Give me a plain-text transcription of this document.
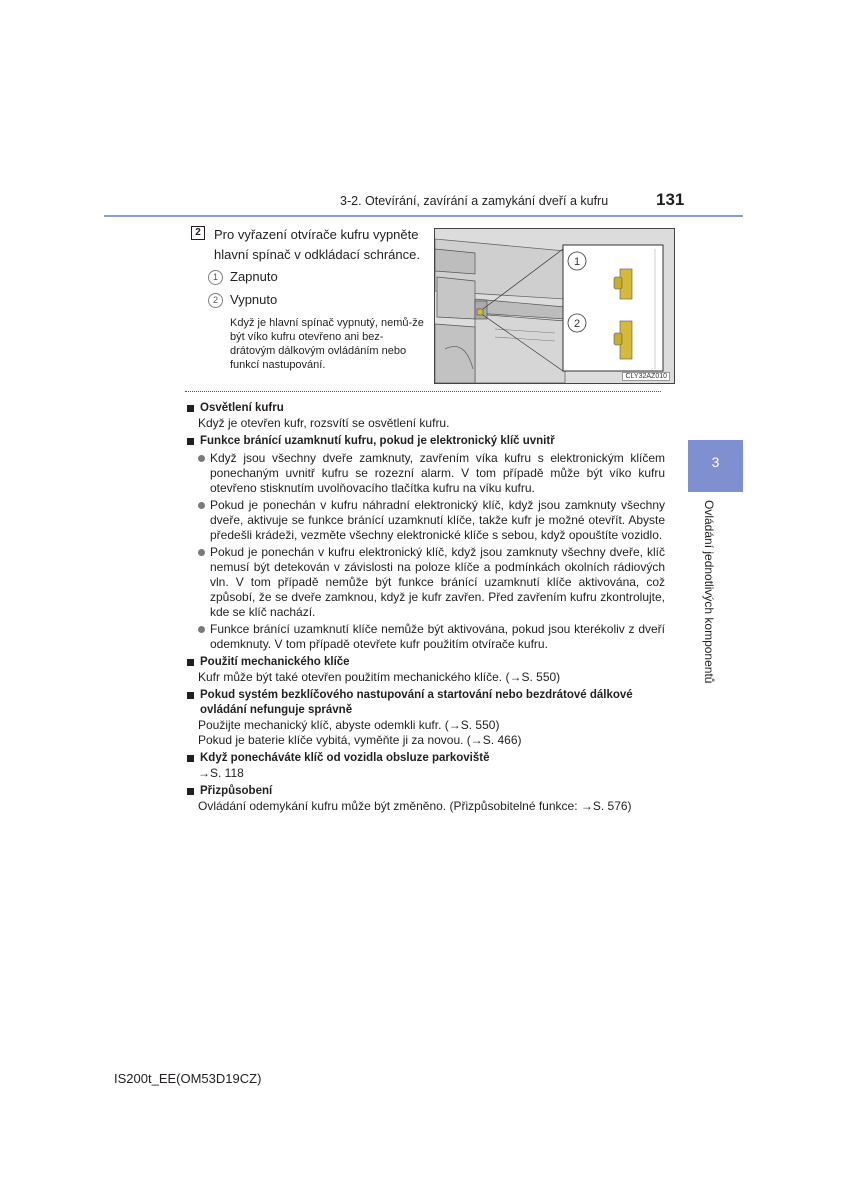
3-2. Otevírání, zavírání a zamykání dveří a kufru	131
2	Pro vyřazení otvírače kufru vypněte hlavní spínač v odkládací schránce.
1 Zapnuto
2 Vypnuto
Když je hlavní spínač vypnutý, nemů-že být víko kufru otevřeno ani bez-drátovým dálkovým ovládáním nebo funkcí nastupování.
1
2
CLY32AZ010
Osvětlení kufru
Když je otevřen kufr, rozsvítí se osvětlení kufru.
Funkce bránící uzamknutí kufru, pokud je elektronický klíč uvnitř
Když jsou všechny dveře zamknuty, zavřením víka kufru s elektronickým klíčem ponechaným uvnitř kufru se rozezní alarm. V tom případě může být víko kufru otevřeno stisknutím uvolňovacího tlačítka kufru na víku kufru.
Pokud je ponechán v kufru náhradní elektronický klíč, když jsou zamknuty všechny dveře, aktivuje se funkce bránící uzamknutí klíče, takže kufr je možné otevřít. Abyste předešli krádeži, vezměte všechny elektronické klíče s sebou, když opouštíte vozidlo.
Pokud je ponechán v kufru elektronický klíč, když jsou zamknuty všechny dveře, klíč nemusí být detekován v závislosti na poloze klíče a podmínkách okolních rádiových vln. V tom případě nemůže být funkce bránící uzamknutí klíče aktivována, což způsobí, že se dveře zamknou, když je kufr zavřen. Před zavřením kufru zkontrolujte, kde se klíč nachází.
Funkce bránící uzamknutí klíče nemůže být aktivována, pokud jsou kterékoliv z dveří odemknuty. V tom případě otevřete kufr použitím otvírače kufru.
Použití mechanického klíče
Kufr může být také otevřen použitím mechanického klíče. (→S. 550)
Pokud systém bezklíčového nastupování a startování nebo bezdrátové dálkové ovládání nefunguje správně
Použijte mechanický klíč, abyste odemkli kufr. (→S. 550)
Pokud je baterie klíče vybitá, vyměňte ji za novou. (→S. 466)
Když ponecháváte klíč od vozidla obsluze parkoviště
→S. 118
Přizpůsobení
Ovládání odemykání kufru může být změněno. (Přizpůsobitelné funkce: →S. 576)
3
Ovládání jednotlivých komponentů
IS200t_EE(OM53D19CZ)
